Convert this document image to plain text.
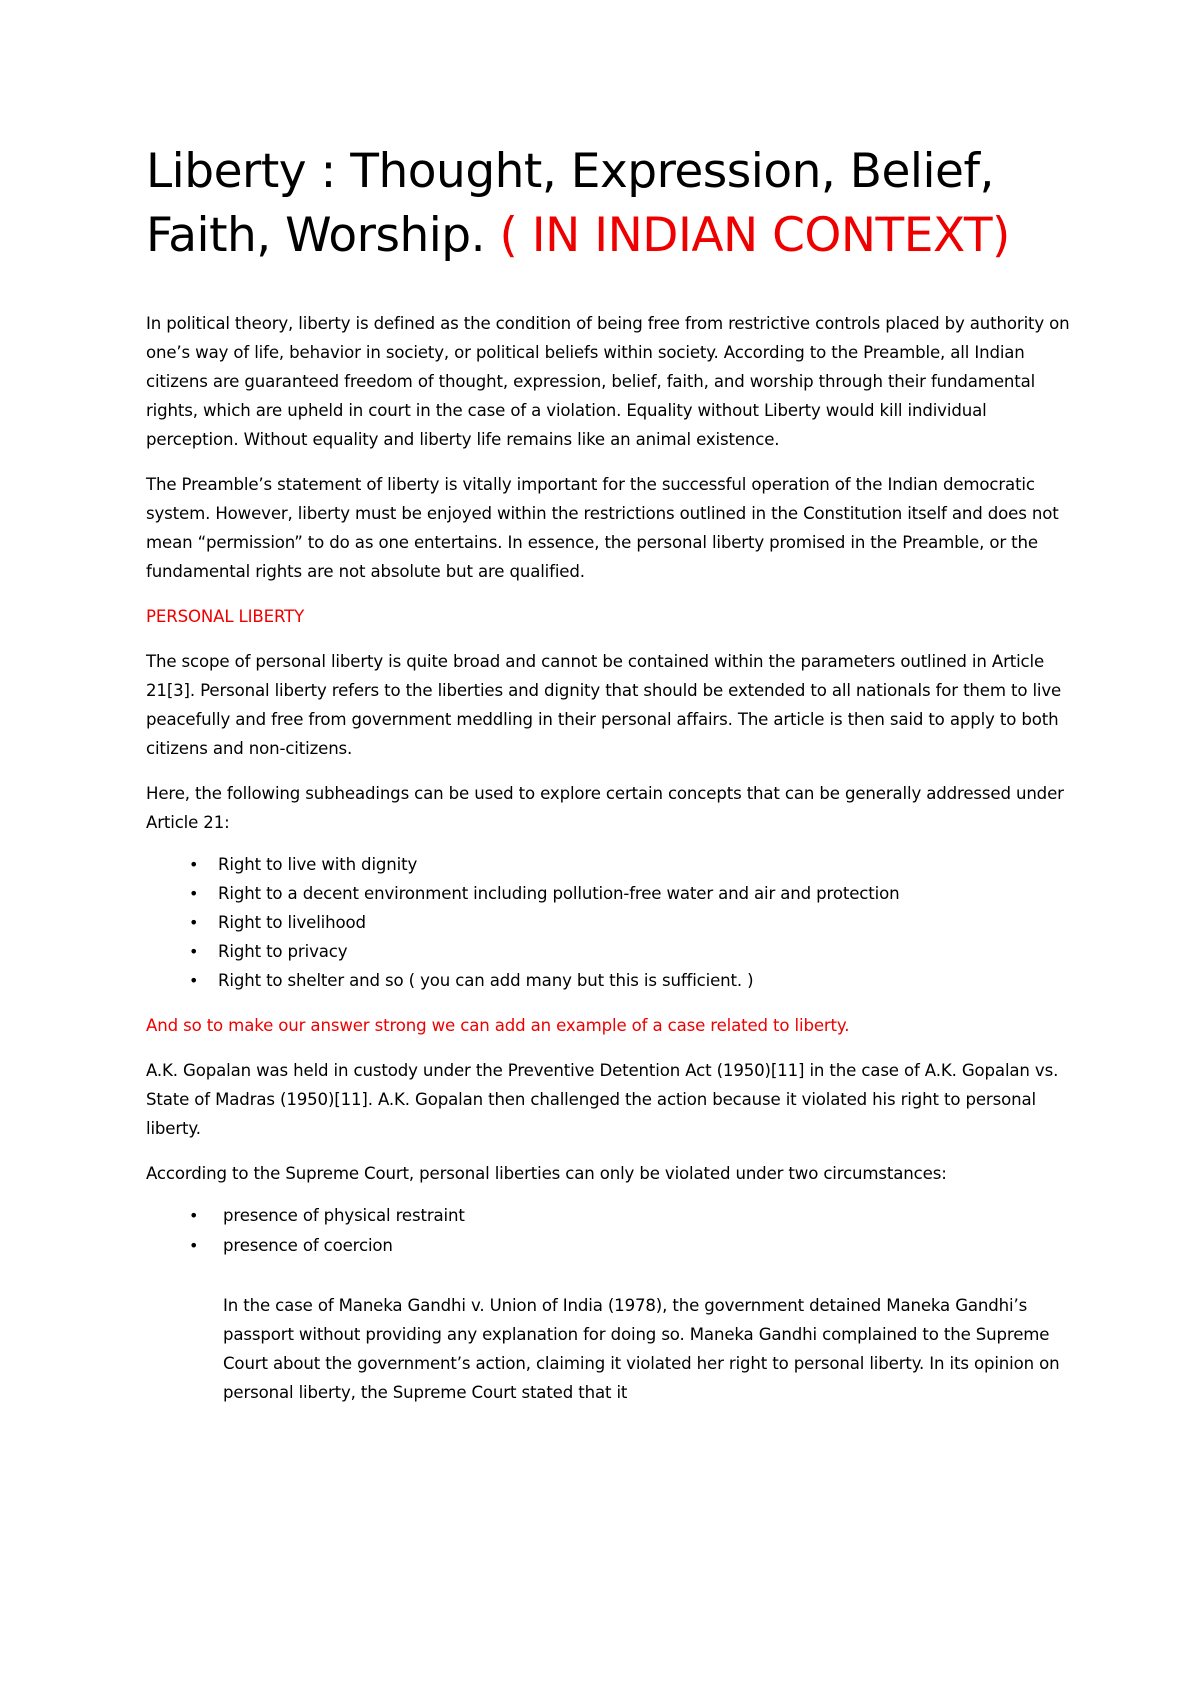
Liberty : Thought, Expression, Belief, Faith, Worship. ( IN INDIAN CONTEXT)

In political theory, liberty is defined as the condition of being free from restrictive controls placed by authority on one’s way of life, behavior in society, or political beliefs within society. According to the Preamble, all Indian citizens are guaranteed freedom of thought, expression, belief, faith, and worship through their fundamental rights, which are upheld in court in the case of a violation. Equality without Liberty would kill individual perception. Without equality and liberty life remains like an animal existence.

The Preamble’s statement of liberty is vitally important for the successful operation of the Indian democratic system. However, liberty must be enjoyed within the restrictions outlined in the Constitution itself and does not mean “permission” to do as one entertains. In essence, the personal liberty promised in the Preamble, or the fundamental rights are not absolute but are qualified.

PERSONAL LIBERTY

The scope of personal liberty is quite broad and cannot be contained within the parameters outlined in Article 21[3]. Personal liberty refers to the liberties and dignity that should be extended to all nationals for them to live peacefully and free from government meddling in their personal affairs. The article is then said to apply to both citizens and non-citizens.

Here, the following subheadings can be used to explore certain concepts that can be generally addressed under Article 21:

• Right to live with dignity
• Right to a decent environment including pollution-free water and air and protection
• Right to livelihood
• Right to privacy
• Right to shelter and so ( you can add many but this is sufficient. )

And so to make our answer strong we can add an example of a case related to liberty.

A.K. Gopalan was held in custody under the Preventive Detention Act (1950)[11] in the case of A.K. Gopalan vs. State of Madras (1950)[11]. A.K. Gopalan then challenged the action because it violated his right to personal liberty.

According to the Supreme Court, personal liberties can only be violated under two circumstances:

• presence of physical restraint
• presence of coercion

In the case of Maneka Gandhi v. Union of India (1978), the government detained Maneka Gandhi’s passport without providing any explanation for doing so. Maneka Gandhi complained to the Supreme Court about the government’s action, claiming it violated her right to personal liberty. In its opinion on personal liberty, the Supreme Court stated that it
